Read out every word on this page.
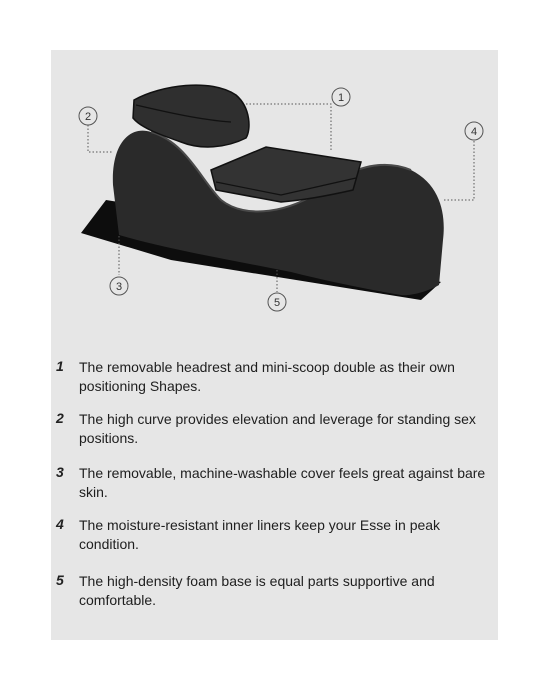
1
2
3
4
5
1 The removable headrest and mini-scoop double as their own positioning Shapes.
2 The high curve provides elevation and leverage for standing sex positions.
3 The removable, machine-washable cover feels great against bare skin.
4 The moisture-resistant inner liners keep your Esse in peak condition.
5 The high-density foam base is equal parts supportive and comfortable.
